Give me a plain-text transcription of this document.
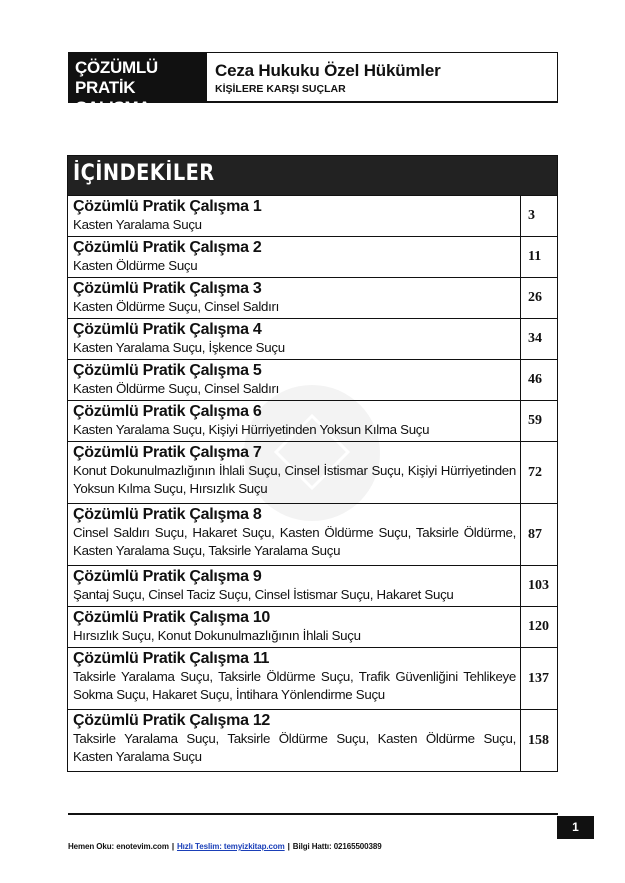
ÇÖZÜMLÜ
PRATİK ÇALIŞMA
Ceza Hukuku Özel Hükümler
KİŞİLERE KARŞI SUÇLAR
İÇİNDEKİLER
Çözümlü Pratik Çalışma 1
Kasten Yaralama Suçu
3
Çözümlü Pratik Çalışma 2
Kasten Öldürme Suçu
11
Çözümlü Pratik Çalışma 3
Kasten Öldürme Suçu, Cinsel Saldırı
26
Çözümlü Pratik Çalışma 4
Kasten Yaralama Suçu, İşkence Suçu
34
Çözümlü Pratik Çalışma 5
Kasten Öldürme Suçu, Cinsel Saldırı
46
Çözümlü Pratik Çalışma 6
Kasten Yaralama Suçu, Kişiyi Hürriyetinden Yoksun Kılma Suçu
59
Çözümlü Pratik Çalışma 7
Konut Dokunulmazlığının İhlali Suçu, Cinsel İstismar Suçu, Kişiyi Hürriyetinden Yoksun Kılma Suçu, Hırsızlık Suçu
72
Çözümlü Pratik Çalışma 8
Cinsel Saldırı Suçu, Hakaret Suçu, Kasten Öldürme Suçu, Taksirle Öldürme, Kasten Yaralama Suçu, Taksirle Yaralama Suçu
87
Çözümlü Pratik Çalışma 9
Şantaj Suçu, Cinsel Taciz Suçu, Cinsel İstismar Suçu, Hakaret Suçu
103
Çözümlü Pratik Çalışma 10
Hırsızlık Suçu, Konut Dokunulmazlığının İhlali Suçu
120
Çözümlü Pratik Çalışma 11
Taksirle Yaralama Suçu, Taksirle Öldürme Suçu, Trafik Güvenliğini Tehlikeye Sokma Suçu, Hakaret Suçu, İntihara Yönlendirme Suçu
137
Çözümlü Pratik Çalışma 12
Taksirle Yaralama Suçu, Taksirle Öldürme Suçu, Kasten Öldürme Suçu, Kasten Yaralama Suçu
158
1
Hemen Oku: enotevim.com | Hızlı Teslim: temyizkitap.com | Bilgi Hattı: 02165500389
